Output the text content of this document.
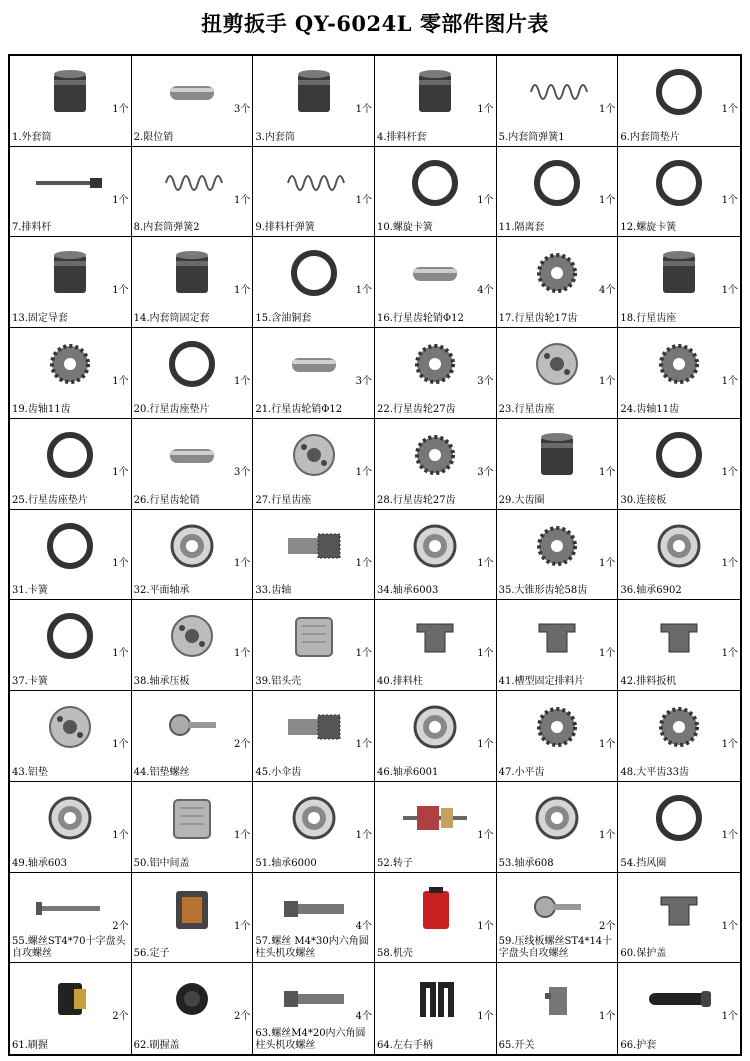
扭剪扳手 QY-6024L 零部件图片表
1个
1.外套筒
3个
2.限位销
1个
3.内套筒
1个
4.排料杆套
1个
5.内套筒弹簧1
1个
6.内套筒垫片
1个
7.排料杆
1个
8.内套筒弹簧2
1个
9.排料杆弹簧
1个
10.螺旋卡簧
1个
11.隔离套
1个
12.螺旋卡簧
1个
13.固定导套
1个
14.内套筒固定套
1个
15.含油铜套
4个
16.行星齿轮销Φ12
4个
17.行星齿轮17齿
1个
18.行星齿座
1个
19.齿轴11齿
1个
20.行星齿座垫片
3个
21.行星齿轮销Φ12
3个
22.行星齿轮27齿
1个
23.行星齿座
1个
24.齿轴11齿
1个
25.行星齿座垫片
3个
26.行星齿轮销
1个
27.行星齿座
3个
28.行星齿轮27齿
1个
29.大齿圈
1个
30.连接板
1个
31.卡簧
1个
32.平面轴承
1个
33.齿轴
1个
34.轴承6003
1个
35.大锥形齿轮58齿
1个
36.轴承6902
1个
37.卡簧
1个
38.轴承压板
1个
39.铝头壳
1个
40.排料柱
1个
41.槽型固定排料片
1个
42.排料扳机
1个
43.铝垫
2个
44.铝垫螺丝
1个
45.小伞齿
1个
46.轴承6001
1个
47.小平齿
1个
48.大平齿33齿
1个
49.轴承603
1个
50.铝中间盖
1个
51.轴承6000
1个
52.转子
1个
53.轴承608
1个
54.挡风圈
2个
55.螺丝ST4*70十字盘头自攻螺丝
1个
56.定子
4个
57.螺丝 M4*30内六角圆柱头机攻螺丝
1个
58.机壳
2个
59.压线板螺丝ST4*14十字盘头自攻螺丝
1个
60.保护盖
2个
61.刷握
2个
62.刷握盖
4个
63.螺丝M4*20内六角圆柱头机攻螺丝
1个
64.左右手柄
1个
65.开关
1个
66.护套
